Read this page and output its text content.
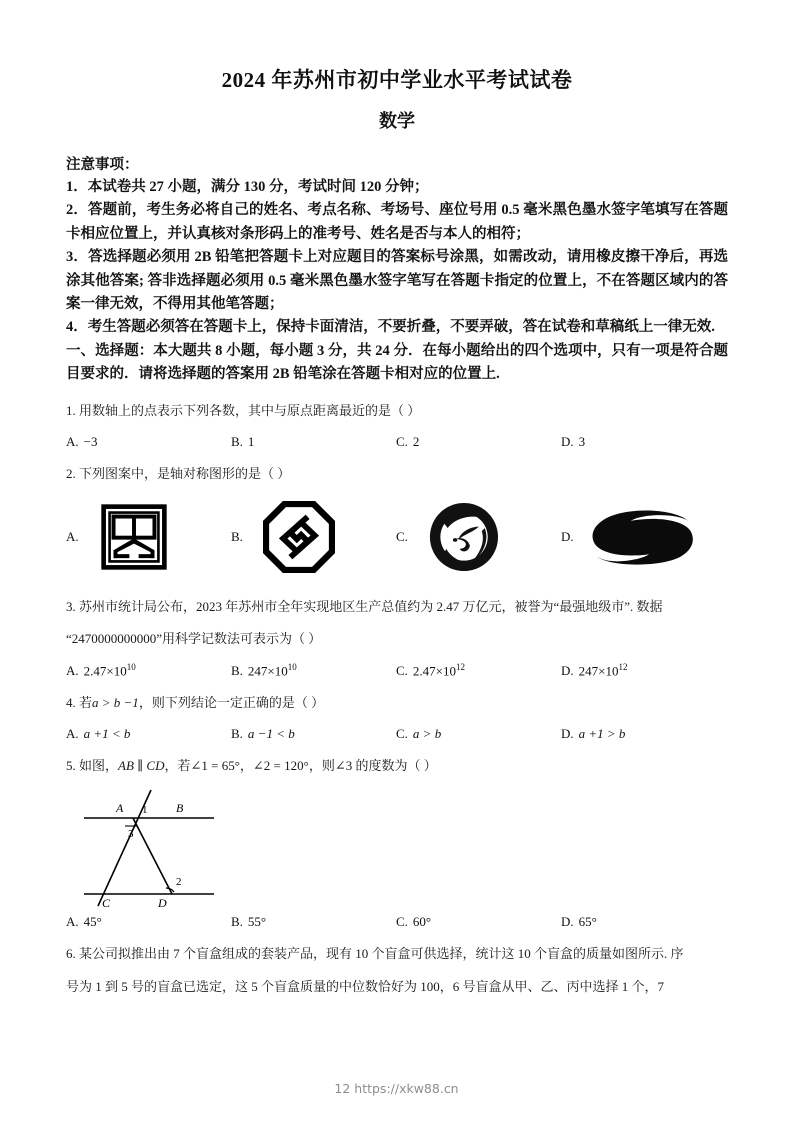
2024 年苏州市初中学业水平考试试卷
数学
注意事项：

1．本试卷共 27 小题，满分 130 分，考试时间 120 分钟；

2．答题前，考生务必将自己的姓名、考点名称、考场号、座位号用 0.5 毫米黑色墨水签字笔填写在答题卡相应位置上，并认真核对条形码上的准考号、姓名是否与本人的相符；

3．答选择题必须用 2B 铅笔把答题卡上对应题目的答案标号涂黑，如需改动，请用橡皮擦干净后，再选涂其他答案; 答非选择题必须用 0.5 毫米黑色墨水签字笔写在答题卡指定的位置上，不在答题区域内的答案一律无效，不得用其他笔答题；

4．考生答题必须答在答题卡上，保持卡面清洁，不要折叠，不要弄破，答在试卷和草稿纸上一律无效.

一、选择题：本大题共 8 小题，每小题 3 分，共 24 分．在每小题给出的四个选项中，只有一项是符合题目要求的．请将选择题的答案用 2B 铅笔涂在答题卡相对应的位置上.

1. 用数轴上的点表示下列各数，其中与原点距离最近的是（ ）
A. −3	B. 1	C. 2	D. 3
2. 下列图案中，是轴对称图形的是（ ）
A.	B.	C.	D.
3. 苏州市统计局公布，2023 年苏州市全年实现地区生产总值约为 2.47 万亿元，被誉为“最强地级市”. 数据
“2470000000000”用科学记数法可表示为（ ）
A. $2.47\times 10^{10}$	B. $247\times 10^{10}$	C. $2.47\times 10^{12}$	D. $247\times 10^{12}$
4. 若a > b −1，则下列结论一定正确的是（ ）
A. a +1 < b	B. a −1 < b	C. a > b	D. a +1 > b
5. 如图，AB ∥ CD，若∠1 = 65°，∠2 = 120°，则∠3 的度数为（ ）
A	B
C	D
1
2
3
A. 45°	B. 55°	C. 60°	D. 65°
6. 某公司拟推出由 7 个盲盒组成的套装产品，现有 10 个盲盒可供选择，统计这 10 个盲盒的质量如图所示. 序
号为 1 到 5 号的盲盒已选定，这 5 个盲盒质量的中位数恰好为 100，6 号盲盒从甲、乙、丙中选择 1 个，7
12 https://xkw88.cn
